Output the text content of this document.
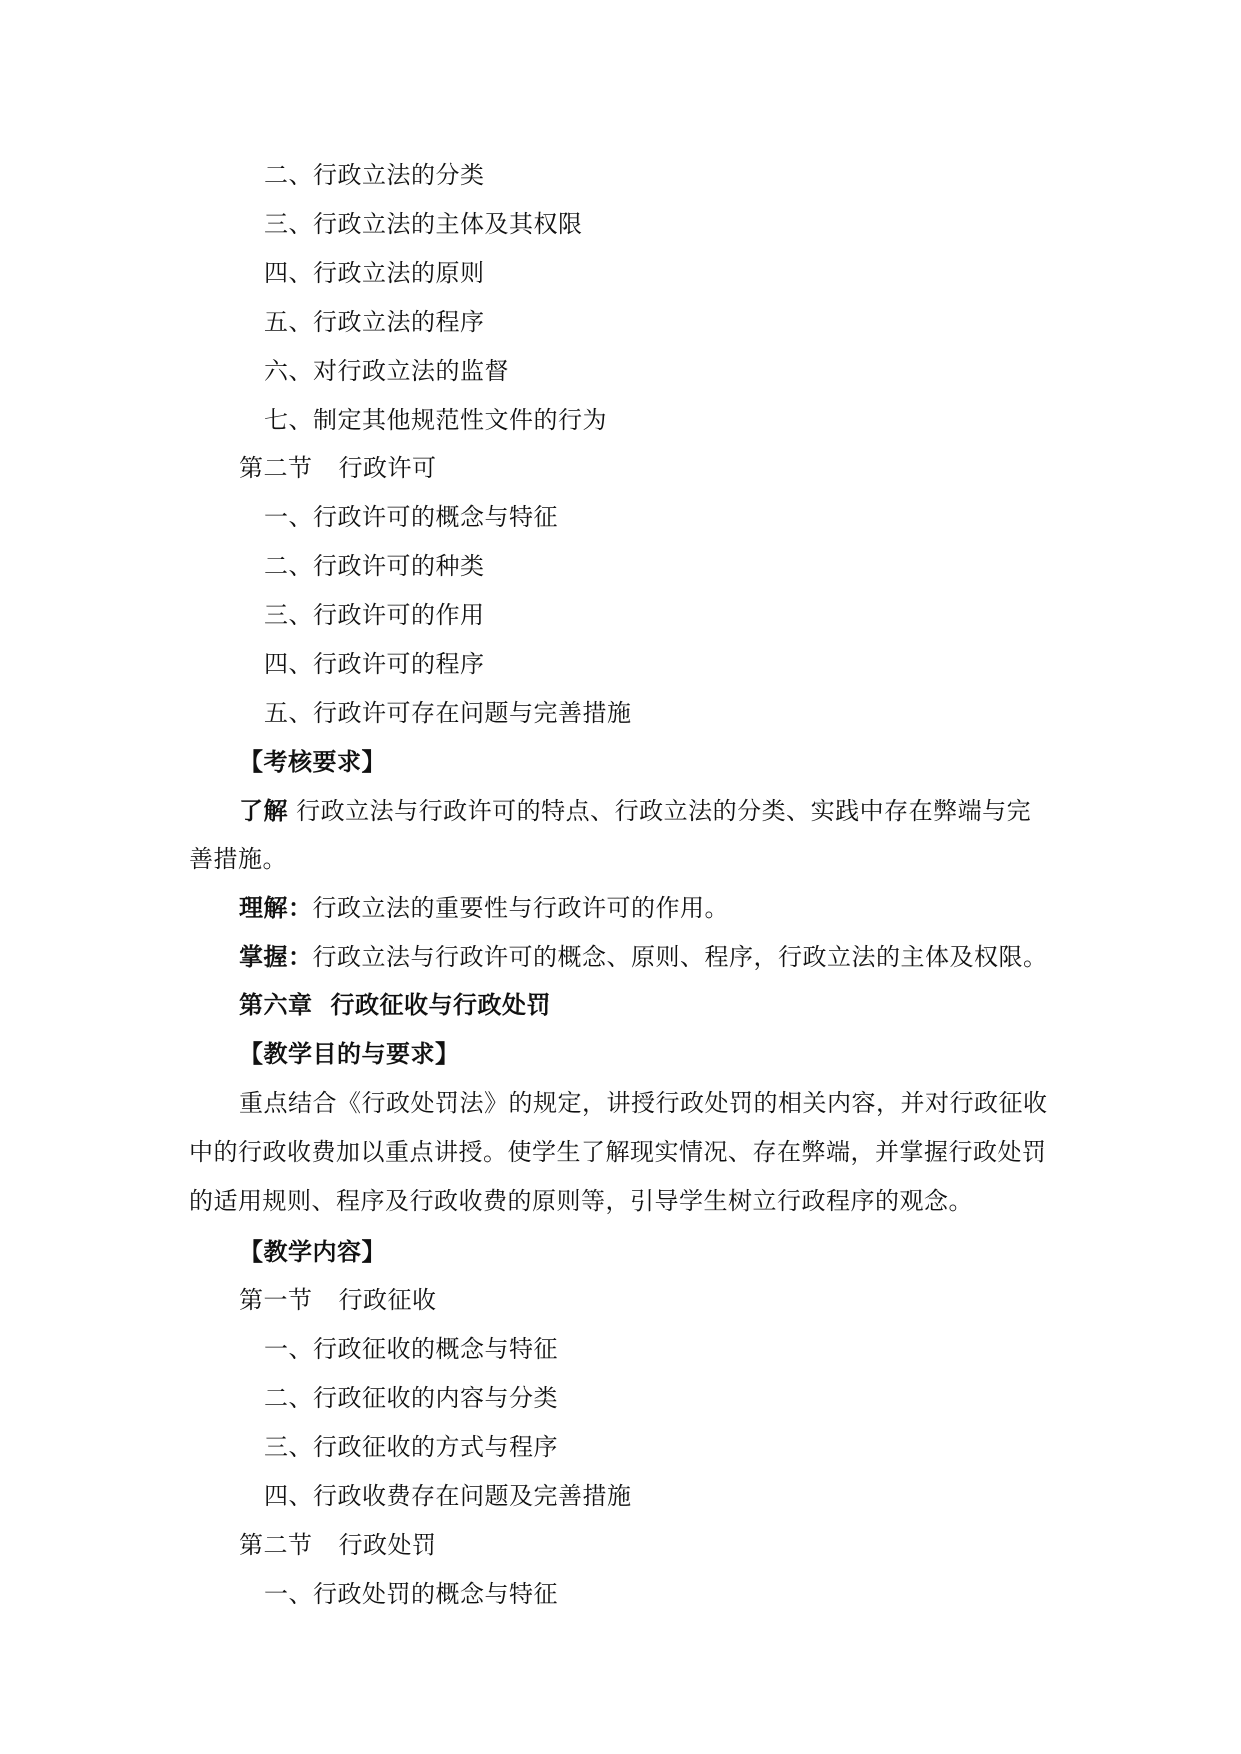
二、行政立法的分类
三、行政立法的主体及其权限
四、行政立法的原则
五、行政立法的程序
六、对行政立法的监督
七、制定其他规范性文件的行为
第二节 行政许可
一、行政许可的概念与特征
二、行政许可的种类
三、行政许可的作用
四、行政许可的程序
五、行政许可存在问题与完善措施
【考核要求】
了解 行政立法与行政许可的特点、行政立法的分类、实践中存在弊端与完
善措施。
理解：行政立法的重要性与行政许可的作用。
掌握：行政立法与行政许可的概念、原则、程序，行政立法的主体及权限。
第六章 行政征收与行政处罚
【教学目的与要求】
重点结合《行政处罚法》的规定，讲授行政处罚的相关内容，并对行政征收
中的行政收费加以重点讲授。使学生了解现实情况、存在弊端，并掌握行政处罚
的适用规则、程序及行政收费的原则等，引导学生树立行政程序的观念。
【教学内容】
第一节 行政征收
一、行政征收的概念与特征
二、行政征收的内容与分类
三、行政征收的方式与程序
四、行政收费存在问题及完善措施
第二节 行政处罚
一、行政处罚的概念与特征
